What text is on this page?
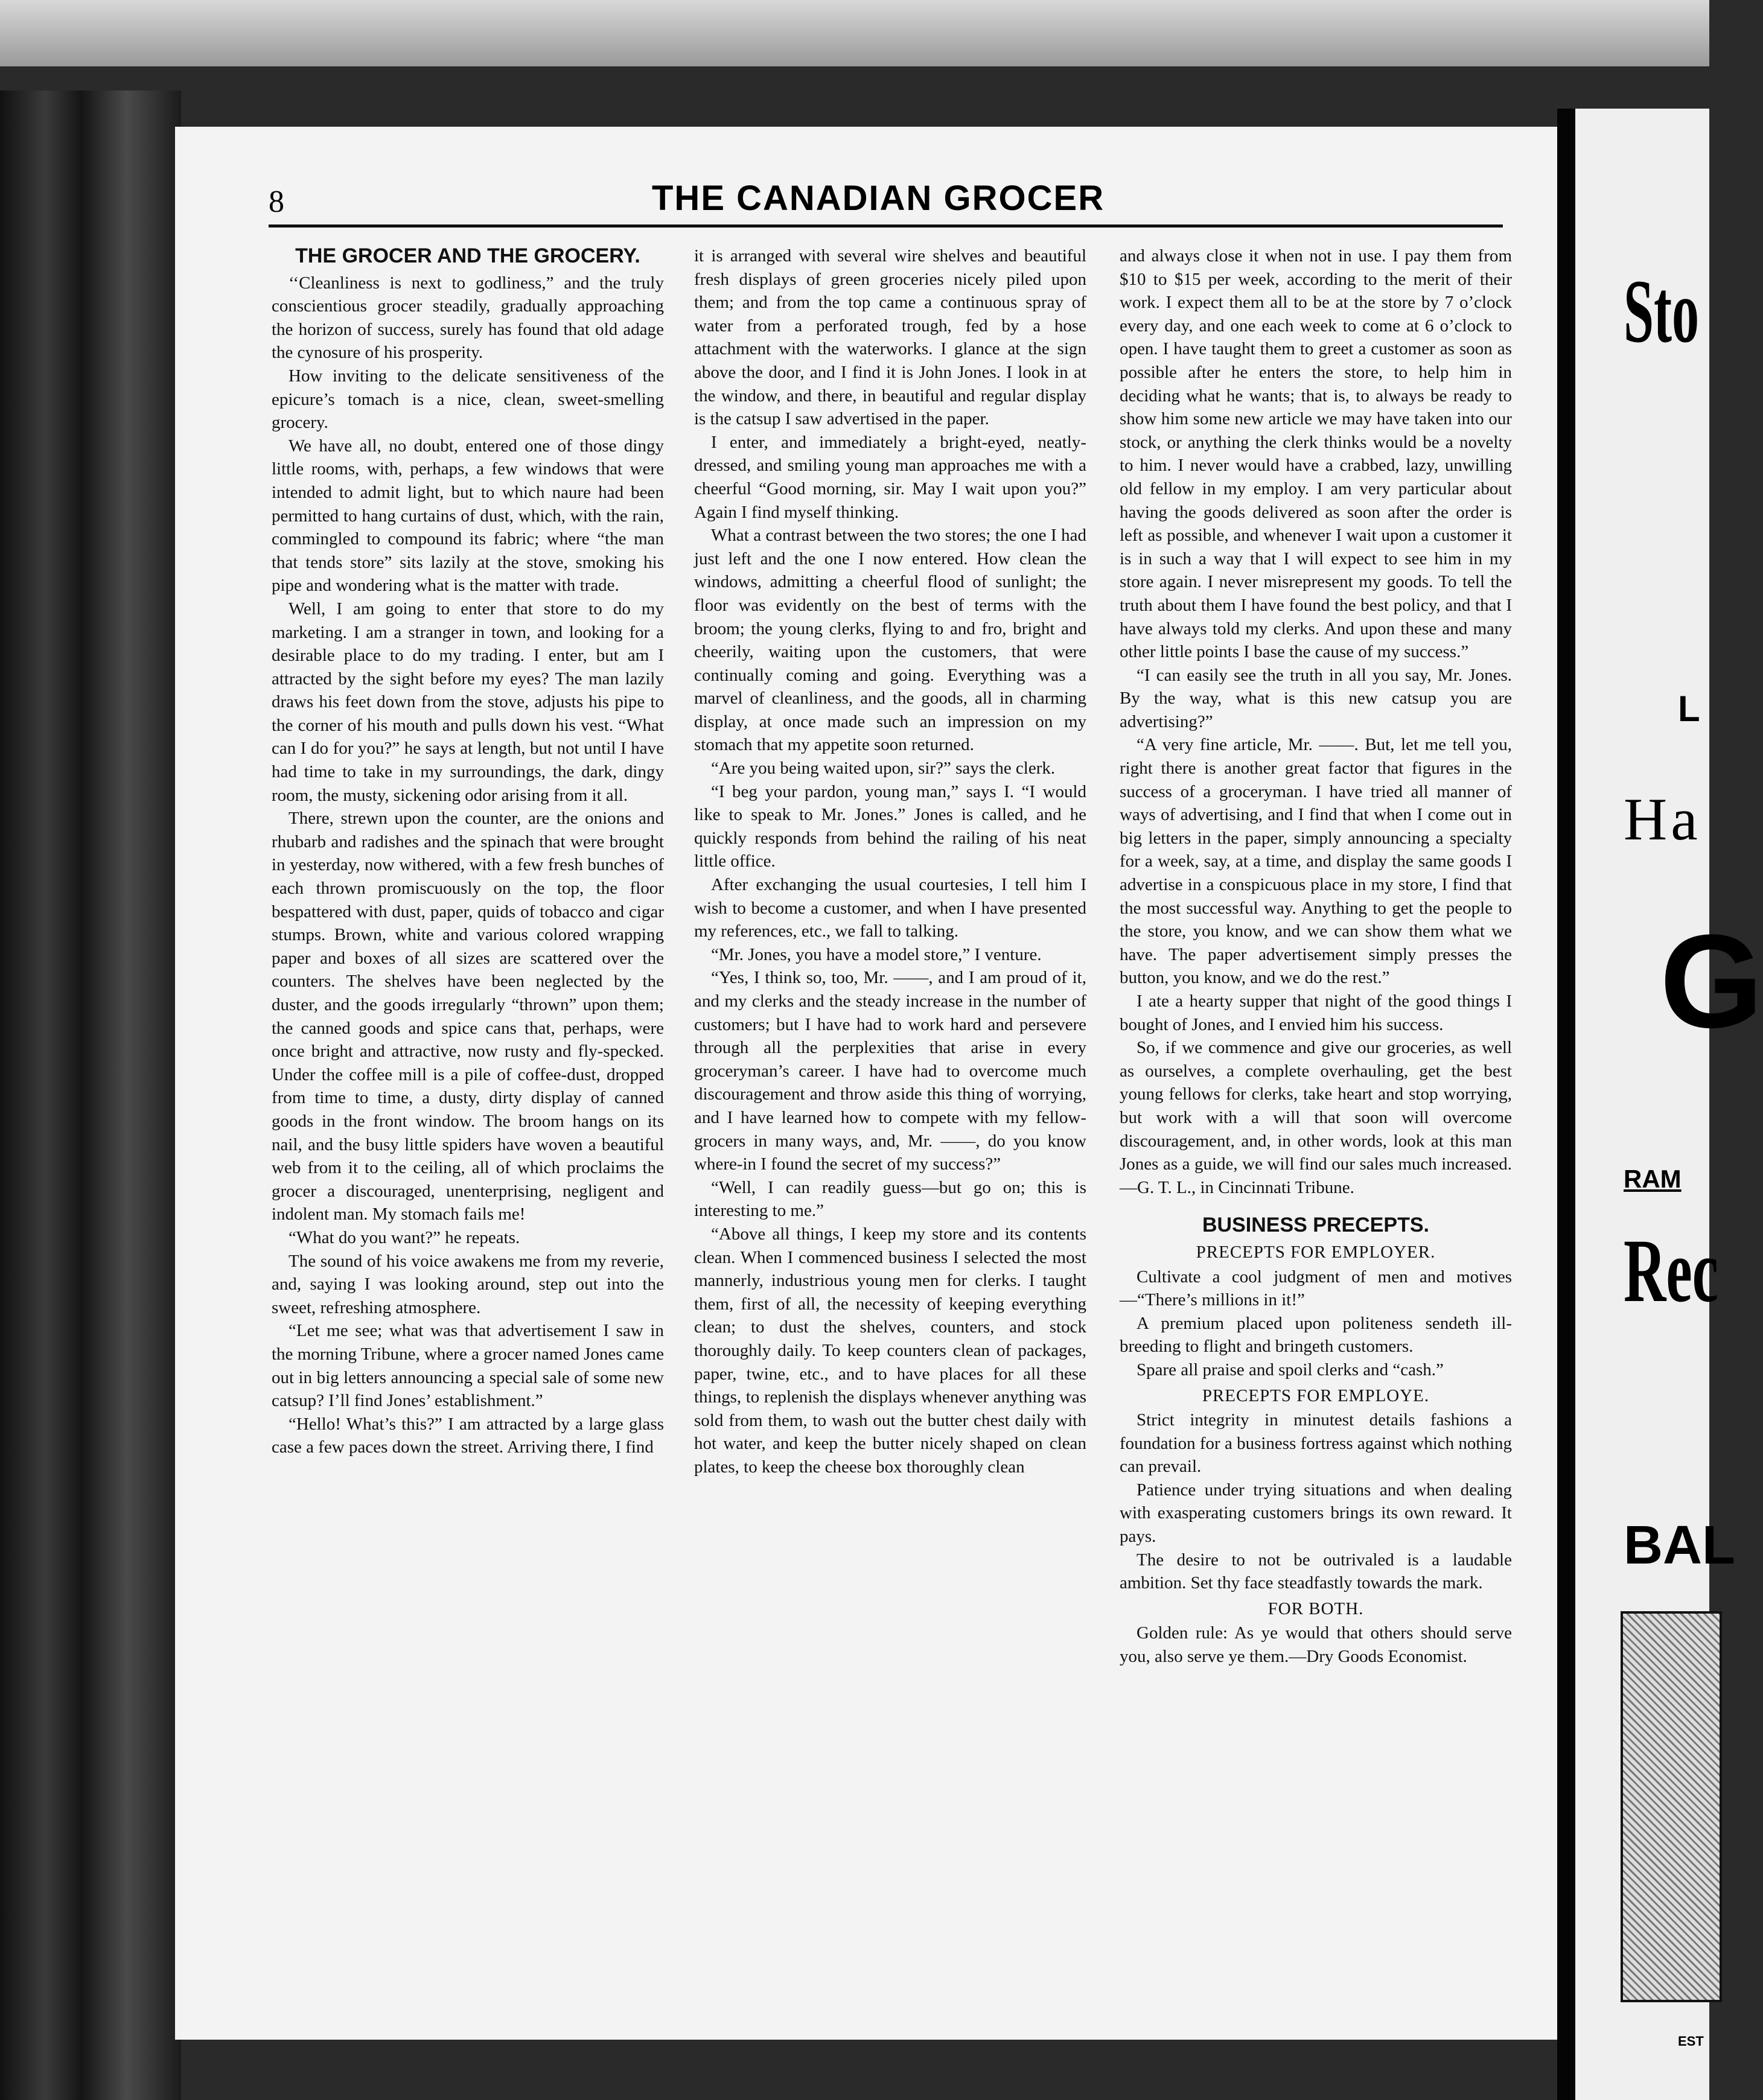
8	THE CANADIAN GROCER

THE GROCER AND THE GROCERY.

‘‘Cleanliness is next to godliness,” and the truly conscientious grocer steadily, gradually approaching the horizon of success, surely has found that old adage the cynosure of his prosperity.

How inviting to the delicate sensitiveness of the epicure’s tomach is a nice, clean, sweet-smelling grocery.

We have all, no doubt, entered one of those dingy little rooms, with, perhaps, a few windows that were intended to admit light, but to which naure had been permitted to hang curtains of dust, which, with the rain, commingled to compound its fabric; where “the man that tends store” sits lazily at the stove, smoking his pipe and wondering what is the matter with trade.

Well, I am going to enter that store to do my marketing. I am a stranger in town, and looking for a desirable place to do my trading. I enter, but am I attracted by the sight before my eyes? The man lazily draws his feet down from the stove, adjusts his pipe to the corner of his mouth and pulls down his vest. “What can I do for you?” he says at length, but not until I have had time to take in my surroundings, the dark, dingy room, the musty, sickening odor arising from it all.

There, strewn upon the counter, are the onions and rhubarb and radishes and the spinach that were brought in yesterday, now withered, with a few fresh bunches of each thrown promiscuously on the top, the floor bespattered with dust, paper, quids of tobacco and cigar stumps. Brown, white and various colored wrapping paper and boxes of all sizes are scattered over the counters. The shelves have been neglected by the duster, and the goods irregularly “thrown” upon them; the canned goods and spice cans that, perhaps, were once bright and attractive, now rusty and fly-specked. Under the coffee mill is a pile of coffee-dust, dropped from time to time, a dusty, dirty display of canned goods in the front window. The broom hangs on its nail, and the busy little spiders have woven a beautiful web from it to the ceiling, all of which proclaims the grocer a discouraged, unenterprising, negligent and indolent man. My stomach fails me!

“What do you want?” he repeats.

The sound of his voice awakens me from my reverie, and, saying I was looking around, step out into the sweet, refreshing atmosphere.

“Let me see; what was that advertisement I saw in the morning Tribune, where a grocer named Jones came out in big letters announcing a special sale of some new catsup? I’ll find Jones’ establishment.”

“Hello! What’s this?” I am attracted by a large glass case a few paces down the street. Arriving there, I find

it is arranged with several wire shelves and beautiful fresh displays of green groceries nicely piled upon them; and from the top came a continuous spray of water from a perforated trough, fed by a hose attachment with the waterworks. I glance at the sign above the door, and I find it is John Jones. I look in at the window, and there, in beautiful and regular display is the catsup I saw advertised in the paper.

I enter, and immediately a bright-eyed, neatly-dressed, and smiling young man approaches me with a cheerful “Good morning, sir. May I wait upon you?” Again I find myself thinking.

What a contrast between the two stores; the one I had just left and the one I now entered. How clean the windows, admitting a cheerful flood of sunlight; the floor was evidently on the best of terms with the broom; the young clerks, flying to and fro, bright and cheerily, waiting upon the customers, that were continually coming and going. Everything was a marvel of cleanliness, and the goods, all in charming display, at once made such an impression on my stomach that my appetite soon returned.

“Are you being waited upon, sir?” says the clerk.

“I beg your pardon, young man,” says I. “I would like to speak to Mr. Jones.” Jones is called, and he quickly responds from behind the railing of his neat little office.

After exchanging the usual courtesies, I tell him I wish to become a customer, and when I have presented my references, etc., we fall to talking.

“Mr. Jones, you have a model store,” I venture.

“Yes, I think so, too, Mr. ——, and I am proud of it, and my clerks and the steady increase in the number of customers; but I have had to work hard and persevere through all the perplexities that arise in every groceryman’s career. I have had to overcome much discouragement and throw aside this thing of worrying, and I have learned how to compete with my fellow-grocers in many ways, and, Mr. ——, do you know where-in I found the secret of my success?”

“Well, I can readily guess—but go on; this is interesting to me.”

“Above all things, I keep my store and its contents clean. When I commenced business I selected the most mannerly, industrious young men for clerks. I taught them, first of all, the necessity of keeping everything clean; to dust the shelves, counters, and stock thoroughly daily. To keep counters clean of packages, paper, twine, etc., and to have places for all these things, to replenish the displays whenever anything was sold from them, to wash out the butter chest daily with hot water, and keep the butter nicely shaped on clean plates, to keep the cheese box thoroughly clean

and always close it when not in use. I pay them from $10 to $15 per week, according to the merit of their work. I expect them all to be at the store by 7 o’clock every day, and one each week to come at 6 o’clock to open. I have taught them to greet a customer as soon as possible after he enters the store, to help him in deciding what he wants; that is, to always be ready to show him some new article we may have taken into our stock, or anything the clerk thinks would be a novelty to him. I never would have a crabbed, lazy, unwilling old fellow in my employ. I am very particular about having the goods delivered as soon after the order is left as possible, and whenever I wait upon a customer it is in such a way that I will expect to see him in my store again. I never misrepresent my goods. To tell the truth about them I have found the best policy, and that I have always told my clerks. And upon these and many other little points I base the cause of my success.”

“I can easily see the truth in all you say, Mr. Jones. By the way, what is this new catsup you are advertising?”

“A very fine article, Mr. ——. But, let me tell you, right there is another great factor that figures in the success of a groceryman. I have tried all manner of ways of advertising, and I find that when I come out in big letters in the paper, simply announcing a specialty for a week, say, at a time, and display the same goods I advertise in a conspicuous place in my store, I find that the most successful way. Anything to get the people to the store, you know, and we can show them what we have. The paper advertisement simply presses the button, you know, and we do the rest.”

I ate a hearty supper that night of the good things I bought of Jones, and I envied him his success.

So, if we commence and give our groceries, as well as ourselves, a complete overhauling, get the best young fellows for clerks, take heart and stop worrying, but work with a will that soon will overcome discouragement, and, in other words, look at this man Jones as a guide, we will find our sales much increased.—G. T. L., in Cincinnati Tribune.

BUSINESS PRECEPTS.

PRECEPTS FOR EMPLOYER.

Cultivate a cool judgment of men and motives—“There’s millions in it!”

A premium placed upon politeness sendeth ill-breeding to flight and bringeth customers.

Spare all praise and spoil clerks and “cash.”

PRECEPTS FOR EMPLOYE.

Strict integrity in minutest details fashions a foundation for a business fortress against which nothing can prevail.

Patience under trying situations and when dealing with exasperating customers brings its own reward. It pays.

The desire to not be outrivaled is a laudable ambition. Set thy face steadfastly towards the mark.

FOR BOTH.

Golden rule: As ye would that others should serve you, also serve ye them.—Dry Goods Economist.

Sto
L
Ha
G
RAM
Rec
BAL
EST
